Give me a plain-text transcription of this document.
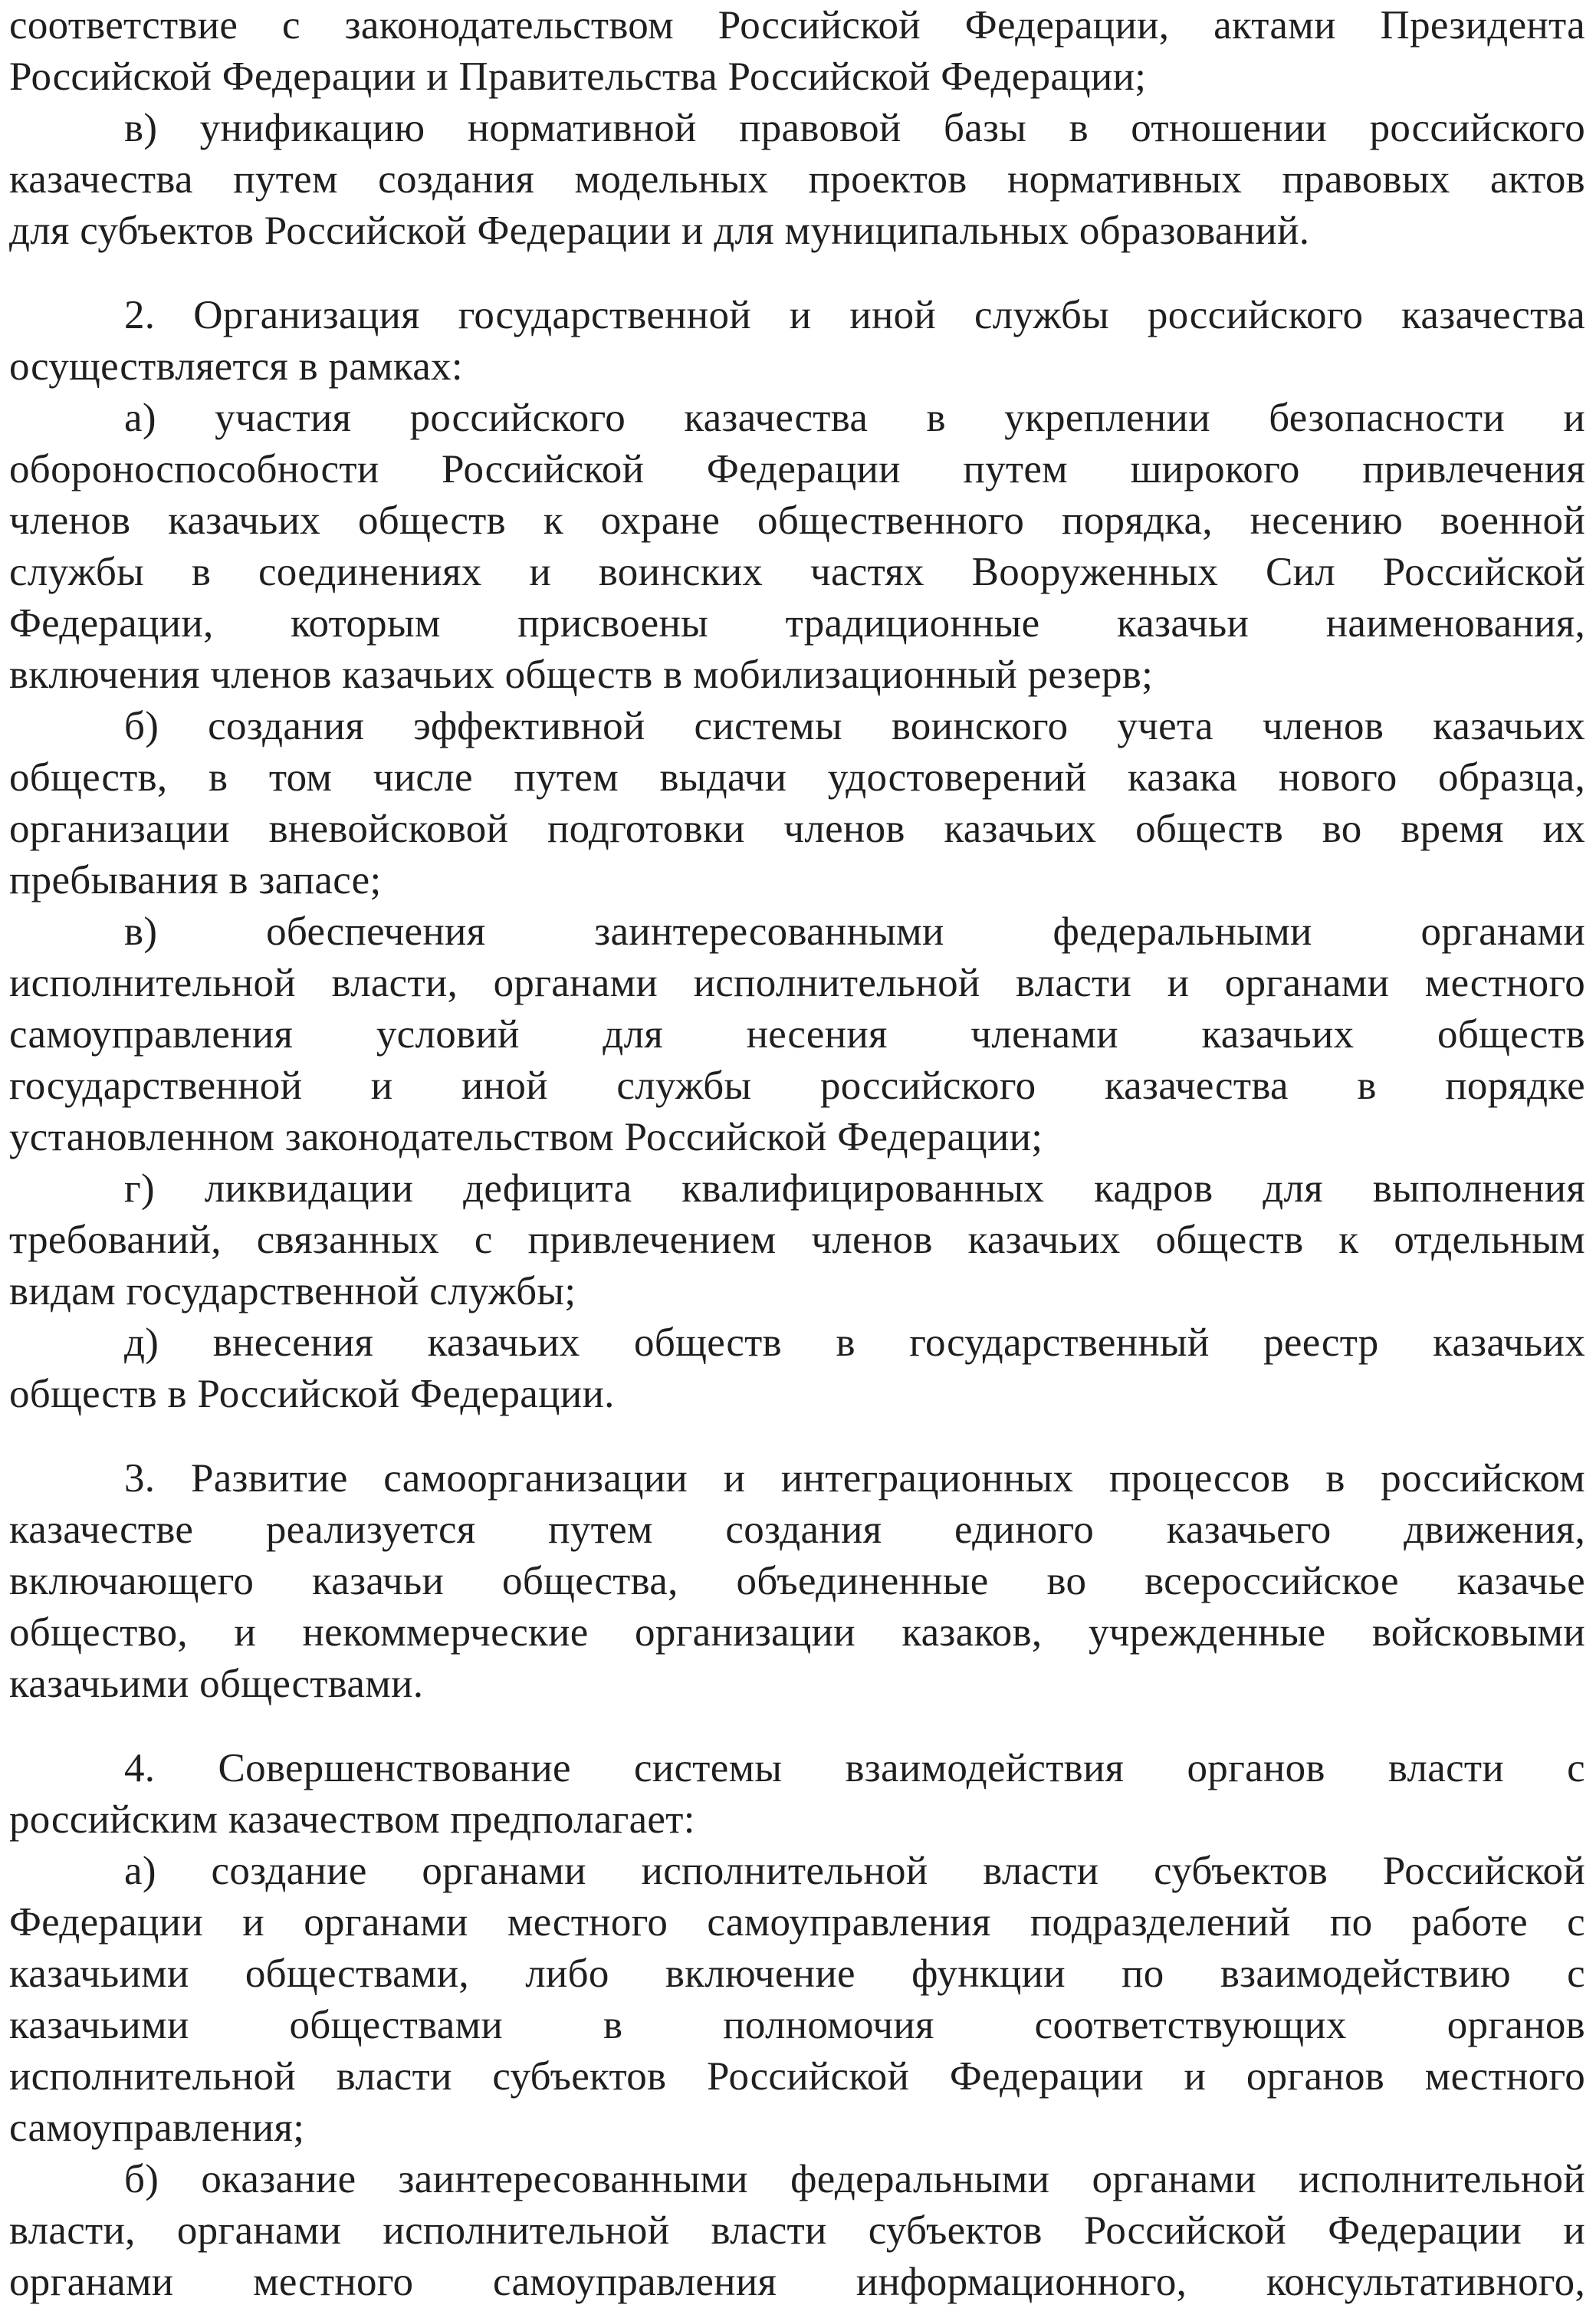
соответствие с законодательством Российской Федерации, актами Президента
Российской Федерации и Правительства Российской Федерации;
в) унификацию нормативной правовой базы в отношении российского
казачества путем создания модельных проектов нормативных правовых актов
для субъектов Российской Федерации и для муниципальных образований.
2. Организация государственной и иной службы российского казачества
осуществляется в рамках:
а) участия российского казачества в укреплении безопасности и
обороноспособности Российской Федерации путем широкого привлечения
членов казачьих обществ к охране общественного порядка, несению военной
службы в соединениях и воинских частях Вооруженных Сил Российской
Федерации, которым присвоены традиционные казачьи наименования,
включения членов казачьих обществ в мобилизационный резерв;
б) создания эффективной системы воинского учета членов казачьих
обществ, в том числе путем выдачи удостоверений казака нового образца,
организации вневойсковой подготовки членов казачьих обществ во время их
пребывания в запасе;
в) обеспечения заинтересованными федеральными органами
исполнительной власти, органами исполнительной власти и органами местного
самоуправления условий для несения членами казачьих обществ
государственной и иной службы российского казачества в порядке
установленном законодательством Российской Федерации;
г) ликвидации дефицита квалифицированных кадров для выполнения
требований, связанных с привлечением членов казачьих обществ к отдельным
видам государственной службы;
д) внесения казачьих обществ в государственный реестр казачьих
обществ в Российской Федерации.
3. Развитие самоорганизации и интеграционных процессов в российском
казачестве реализуется путем создания единого казачьего движения,
включающего казачьи общества, объединенные во всероссийское казачье
общество, и некоммерческие организации казаков, учрежденные войсковыми
казачьими обществами.
4. Совершенствование системы взаимодействия органов власти с
российским казачеством предполагает:
а) создание органами исполнительной власти субъектов Российской
Федерации и органами местного самоуправления подразделений по работе с
казачьими обществами, либо включение функции по взаимодействию с
казачьими обществами в полномочия соответствующих органов
исполнительной власти субъектов Российской Федерации и органов местного
самоуправления;
б) оказание заинтересованными федеральными органами исполнительной
власти, органами исполнительной власти субъектов Российской Федерации и
органами местного самоуправления информационного, консультативного,
